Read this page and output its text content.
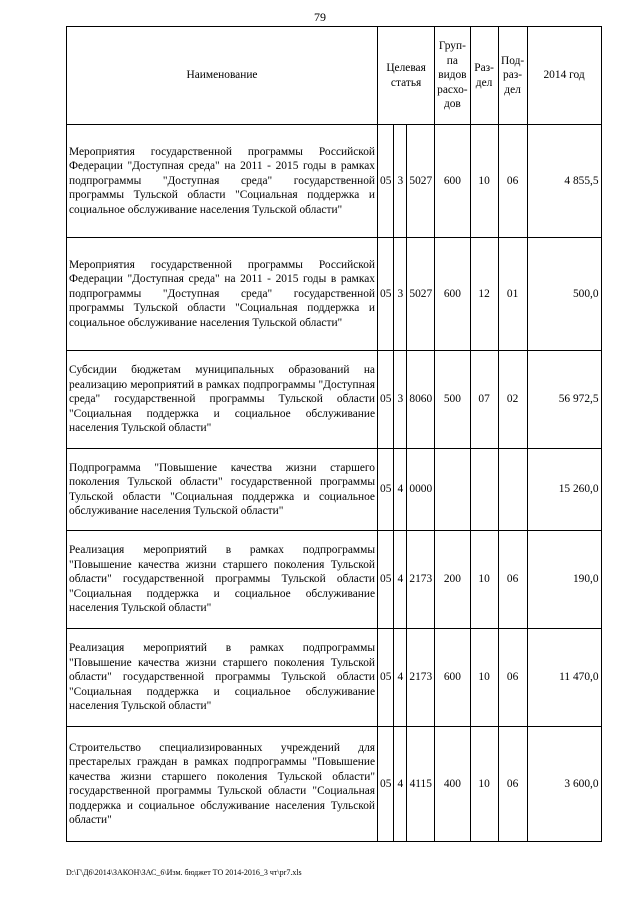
79
Наименование	Целевая статья			Груп-па видов расхо-дов	Раз-дел	Под-раз-дел	2014 год
Мероприятия государственной программы Российской Федерации "Доступная среда" на 2011 - 2015 годы в рамках подпрограммы "Доступная среда" государственной программы Тульской области "Социальная поддержка и социальное обслуживание населения Тульской области"	05	3	5027	600	10	06	4 855,5
Мероприятия государственной программы Российской Федерации "Доступная среда" на 2011 - 2015 годы в рамках подпрограммы "Доступная среда" государственной программы Тульской области "Социальная поддержка и социальное обслуживание населения Тульской области"	05	3	5027	600	12	01	500,0
Субсидии бюджетам муниципальных образований на реализацию мероприятий в рамках подпрограммы "Доступная среда" государственной программы Тульской области "Социальная поддержка и социальное обслуживание населения Тульской области"	05	3	8060	500	07	02	56 972,5
Подпрограмма "Повышение качества жизни старшего поколения Тульской области" государственной программы Тульской области "Социальная поддержка и социальное обслуживание населения Тульской области"	05	4	0000				15 260,0
Реализация мероприятий в рамках подпрограммы "Повышение качества жизни старшего поколения Тульской области" государственной программы Тульской области "Социальная поддержка и социальное обслуживание населения Тульской области"	05	4	2173	200	10	06	190,0
Реализация мероприятий в рамках подпрограммы "Повышение качества жизни старшего поколения Тульской области" государственной программы Тульской области "Социальная поддержка и социальное обслуживание населения Тульской области"	05	4	2173	600	10	06	11 470,0
Строительство специализированных учреждений для престарелых граждан в рамках подпрограммы "Повышение качества жизни старшего поколения Тульской области" государственной программы Тульской области "Социальная поддержка и социальное обслуживание населения Тульской области"	05	4	4115	400	10	06	3 600,0
D:\Г\Д6\2014\ЗАКОН\ЗАС_6\Изм. бюджет ТО 2014-2016_3 чт\pr7.xls
